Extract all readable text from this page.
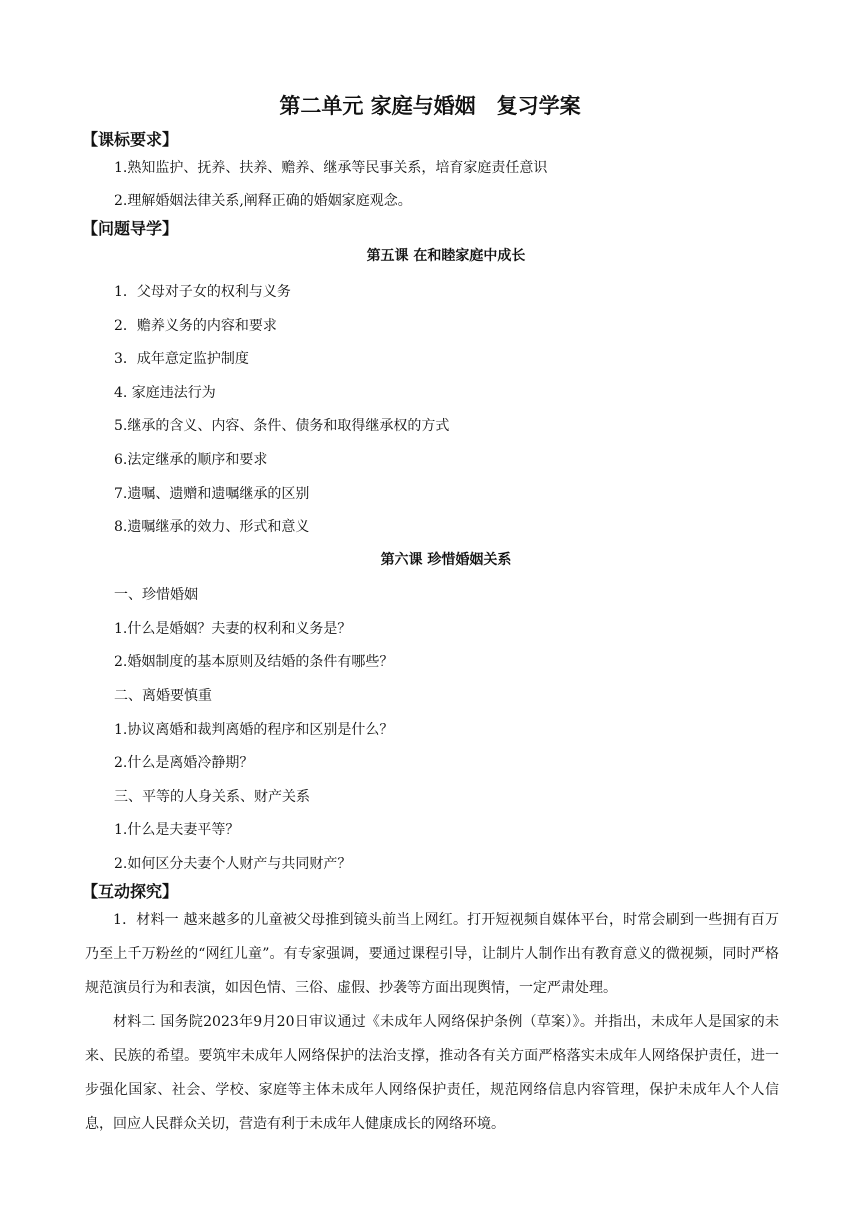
第二单元 家庭与婚姻　复习学案
【课标要求】

1.熟知监护、抚养、扶养、赡养、继承等民事关系，培育家庭责任意识

2.理解婚姻法律关系,阐释正确的婚姻家庭观念。

【问题导学】

第五课 在和睦家庭中成长

1．父母对子女的权利与义务

2．赡养义务的内容和要求

3．成年意定监护制度

4. 家庭违法行为

5.继承的含义、内容、条件、债务和取得继承权的方式

6.法定继承的顺序和要求

7.遗嘱、遗赠和遗嘱继承的区别

8.遗嘱继承的效力、形式和意义

第六课 珍惜婚姻关系

一、珍惜婚姻

1.什么是婚姻？夫妻的权利和义务是？

2.婚姻制度的基本原则及结婚的条件有哪些？

二、离婚要慎重

1.协议离婚和裁判离婚的程序和区别是什么？

2.什么是离婚冷静期？

三、平等的人身关系、财产关系

1.什么是夫妻平等？

2.如何区分夫妻个人财产与共同财产？

【互动探究】

1．材料一 越来越多的儿童被父母推到镜头前当上网红。打开短视频自媒体平台，时常会刷到一些拥有百万乃至上千万粉丝的“网红儿童”。有专家强调，要通过课程引导，让制片人制作出有教育意义的微视频，同时严格规范演员行为和表演，如因色情、三俗、虚假、抄袭等方面出现舆情，一定严肃处理。

材料二 国务院2023年9月20日审议通过《未成年人网络保护条例（草案）》。并指出，未成年人是国家的未来、民族的希望。要筑牢未成年人网络保护的法治支撑，推动各有关方面严格落实未成年人网络保护责任，进一步强化国家、社会、学校、家庭等主体未成年人网络保护责任，规范网络信息内容管理，保护未成年人个人信息，回应人民群众关切，营造有利于未成年人健康成长的网络环境。
